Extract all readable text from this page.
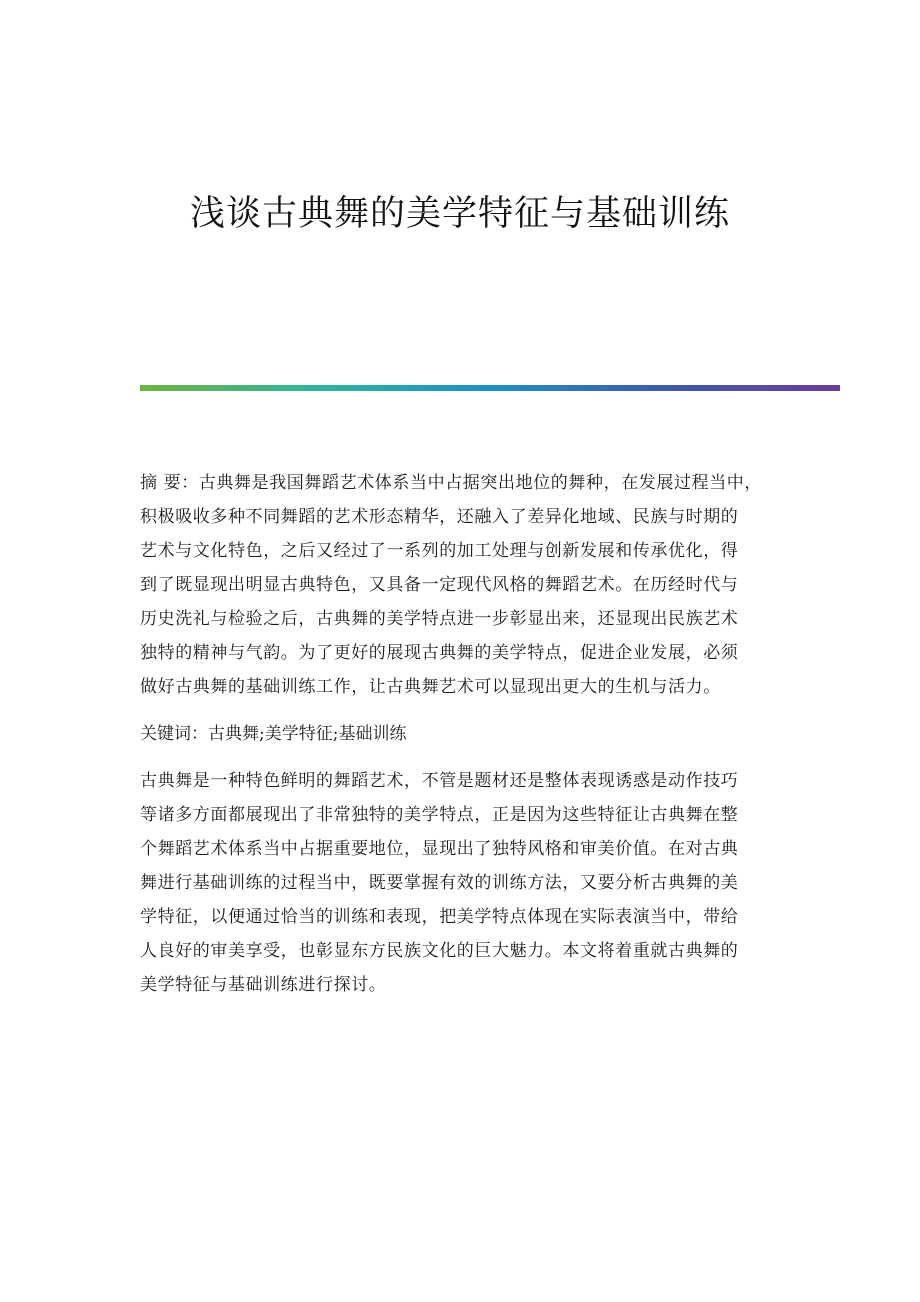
浅谈古典舞的美学特征与基础训练
摘 要：古典舞是我国舞蹈艺术体系当中占据突出地位的舞种，在发展过程当中，
积极吸收多种不同舞蹈的艺术形态精华，还融入了差异化地域、民族与时期的
艺术与文化特色，之后又经过了一系列的加工处理与创新发展和传承优化，得
到了既显现出明显古典特色，又具备一定现代风格的舞蹈艺术。在历经时代与
历史洗礼与检验之后，古典舞的美学特点进一步彰显出来，还显现出民族艺术
独特的精神与气韵。为了更好的展现古典舞的美学特点，促进企业发展，必须
做好古典舞的基础训练工作，让古典舞艺术可以显现出更大的生机与活力。
关键词：古典舞;美学特征;基础训练
古典舞是一种特色鲜明的舞蹈艺术，不管是题材还是整体表现诱惑是动作技巧
等诸多方面都展现出了非常独特的美学特点，正是因为这些特征让古典舞在整
个舞蹈艺术体系当中占据重要地位，显现出了独特风格和审美价值。在对古典
舞进行基础训练的过程当中，既要掌握有效的训练方法，又要分析古典舞的美
学特征，以便通过恰当的训练和表现，把美学特点体现在实际表演当中，带给
人良好的审美享受，也彰显东方民族文化的巨大魅力。本文将着重就古典舞的
美学特征与基础训练进行探讨。
